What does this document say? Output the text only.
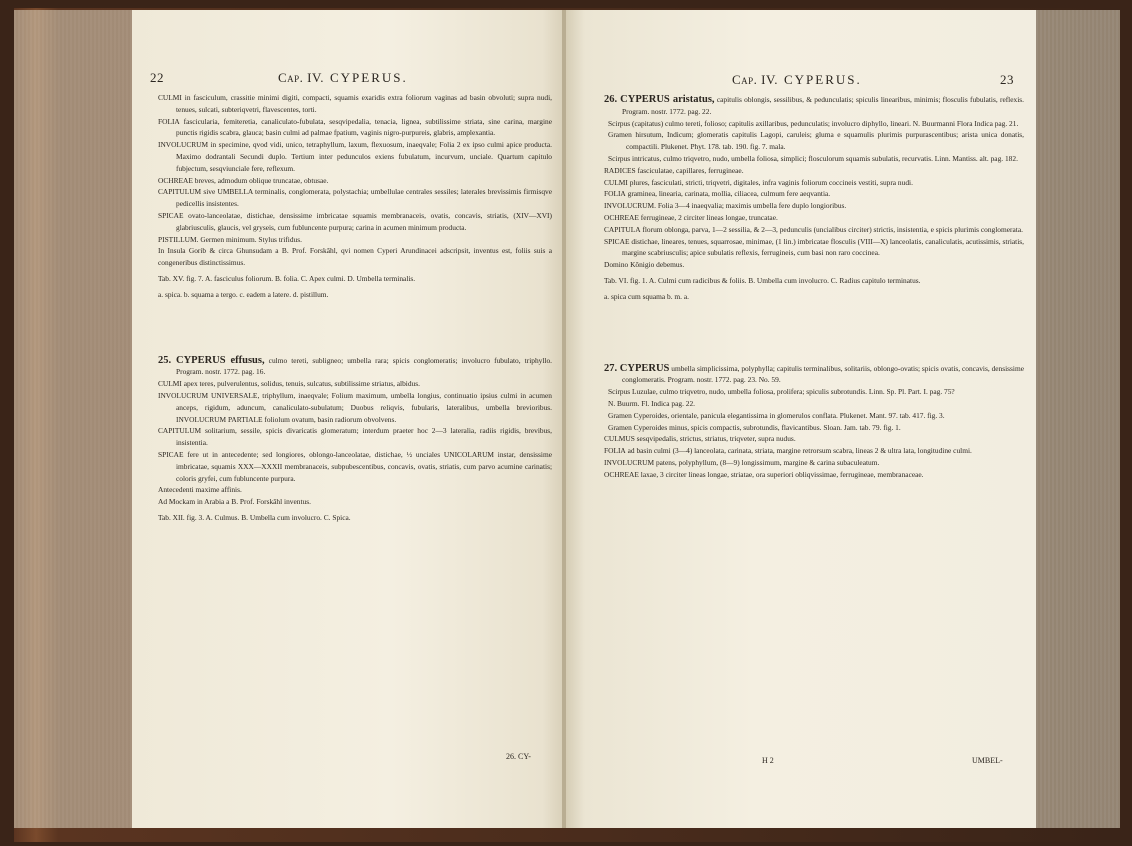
22	Cap. IV. CYPERUS.

CULMI in fasciculum, crassitie minimi digiti, compacti, squamis exaridis extra foliorum vaginas ad basin obvoluti; supra nudi, tenues, sulcati, subteriqvetri, flavescentes, torti.

FOLIA fascicularia, femiteretia, canaliculato-fubulata, sesqvipedalia, tenacia, lignea, subtilissime striata, sine carina, margine punctis rigidis scabra, glauca; basin culmi ad palmae fpatium, vaginis nigro-purpureis, glabris, amplexantia.

INVOLUCRUM in specimine, qvod vidi, unico, tetraphyllum, laxum, flexuosum, inaeqvale; Folia 2 ex ipso culmi apice producta. Maximo dodrantali Secundi duplo. Tertium inter pedunculos exiens fubulatum, incurvum, unciale. Quartum capitulo fubjectum, sesqviunciale fere, reflexum.

OCHREAE breves, admodum oblique truncatae, obtusae.

CAPITULUM sive UMBELLA terminalis, conglomerata, polystachia; umbellulae centrales sessiles; laterales brevissimis firmisqve pedicellis insistentes.

SPICAE ovato-lanceolatae, distichae, densissime imbricatae squamis membranaceis, ovatis, concavis, striatis, (XIV—XVI) glabriusculis, glaucis, vel gryseis, cum fubluncente purpura; carina in acumen minimum producta.

PISTILLUM. Germen minimum. Stylus trifidus.

In Insula Gorib & circa Ghunsudam a B. Prof. Forskâhl, qvi nomen Cyperi Arundinacei adscripsit, inventus est, foliis suis a congeneribus distinctissimus.

Tab. XV. fig. 7. A. fasciculus foliorum. B. folia. C. Apex culmi. D. Umbella terminalis.

a. spica. b. squama a tergo. c. eadem a latere. d. pistillum.

25. CYPERUS effusus, culmo tereti, subligneo; umbella rara; spicis conglomeratis; involucro fubulato, triphyllo. Program. nostr. 1772. pag. 16.

CULMI apex teres, pulverulentus, solidus, tenuis, sulcatus, subtilissime striatus, albidus.

INVOLUCRUM UNIVERSALE, triphyllum, inaeqvale; Folium maximum, umbella longius, continuatio ipsius culmi in acumen anceps, rigidum, aduncum, canaliculato-subulatum; Duobus reliqvis, fubularis, lateralibus, umbella brevioribus. INVOLUCRUM PARTIALE foliolum ovatum, basin radiorum obvolvens.

CAPITULUM solitarium, sessile, spicis divaricatis glomeratum; interdum praeter hoc 2—3 lateralia, radiis rigidis, brevibus, insistentia.

SPICAE fere ut in antecedente; sed longiores, oblongo-lanceolatae, distichae, ½ unciales UNICOLARUM instar, densissime imbricatae, squamis XXX—XXXII membranaceis, subpubescentibus, concavis, ovatis, striatis, cum parvo acumine carinatis; coloris gryfei, cum fubluncente purpura.

Antecedenti maxime affinis.

Ad Mockam in Arabia a B. Prof. Forskâhl inventus.

Tab. XII. fig. 3. A. Culmus. B. Umbella cum involucro. C. Spica.

26. CY-
Cap. IV. CYPERUS.	23

26. CYPERUS aristatus, capitulis oblongis, sessilibus, & pedunculatis; spiculis linearibus, minimis; flosculis fubulatis, reflexis. Program. nostr. 1772. pag. 22.

Scirpus (capitatus) culmo tereti, folioso; capitulis axillaribus, pedunculatis; involucro diphyllo, lineari. N. Buurmanni Flora Indica pag. 21.

Gramen hirsutum, Indicum; glomeratis capitulis Lagopi, caruleis; gluma e squamulis plurimis purpurascentibus; arista unica donatis, compactili. Plukenet. Phyt. 178. tab. 190. fig. 7. mala.

Scirpus intricatus, culmo triqvetro, nudo, umbella foliosa, simplici; flosculorum squamis subulatis, recurvatis. Linn. Mantiss. alt. pag. 182.

RADICES fasciculatae, capillares, ferrugineae.

CULMI plures, fasciculati, stricti, triqvetri, digitales, infra vaginis foliorum coccineis vestiti, supra nudi.

FOLIA graminea, linearia, carinata, mollia, ciliacea, culmum fere aeqvantia.

INVOLUCRUM. Folia 3—4 inaeqvalia; maximis umbella fere duplo longioribus.

OCHREAE ferrugineae, 2 circiter lineas longae, truncatae.

CAPITULA florum oblonga, parva, 1—2 sessilia, & 2—3, pedunculis (uncialibus circiter) strictis, insistentia, e spicis plurimis conglomerata.

SPICAE distichae, lineares, tenues, squarrosae, minimae, (1 lin.) imbricatae flosculis (VIII—X) lanceolatis, canaliculatis, acutissimis, striatis, margine scabriusculis; apice subulatis reflexis, ferrugineis, cum basi non raro coccinea.

Domino Kônigio debemus.

Tab. VI. fig. 1. A. Culmi cum radicibus & foliis. B. Umbella cum involucro. C. Radius capitulo terminatus.

a. spica cum squama b. m. a.

27. CYPERUS umbella simplicissima, polyphylla; capitulis terminalibus, solitariis, oblongo-ovatis; spicis ovatis, concavis, densissime conglomeratis. Program. nostr. 1772. pag. 23. No. 59.

Scirpus Luzulae, culmo triqvetro, nudo, umbella foliosa, prolifera; spiculis subrotundis. Linn. Sp. Pl. Part. I. pag. 75?

N. Buurm. Fl. Indica pag. 22.

Gramen Cyperoides, orientale, panicula elegantissima in glomerulos conflata. Plukenet. Mant. 97. tab. 417. fig. 3.

Gramen Cyperoides minus, spicis compactis, subrotundis, flavicantibus. Sloan. Jam. tab. 79. fig. 1.

CULMUS sesqvipedalis, strictus, striatus, triqveter, supra nudus.

FOLIA ad basin culmi (3—4) lanceolata, carinata, striata, margine retrorsum scabra, lineas 2 & ultra lata, longitudine culmi.

INVOLUCRUM patens, polyphyllum, (8—9) longissimum, margine & carina subaculeatum.

OCHREAE laxae, 3 circiter lineas longae, striatae, ora superiori obliqvissimae, ferrugineae, membranaceae.

H 2	UMBEL-
